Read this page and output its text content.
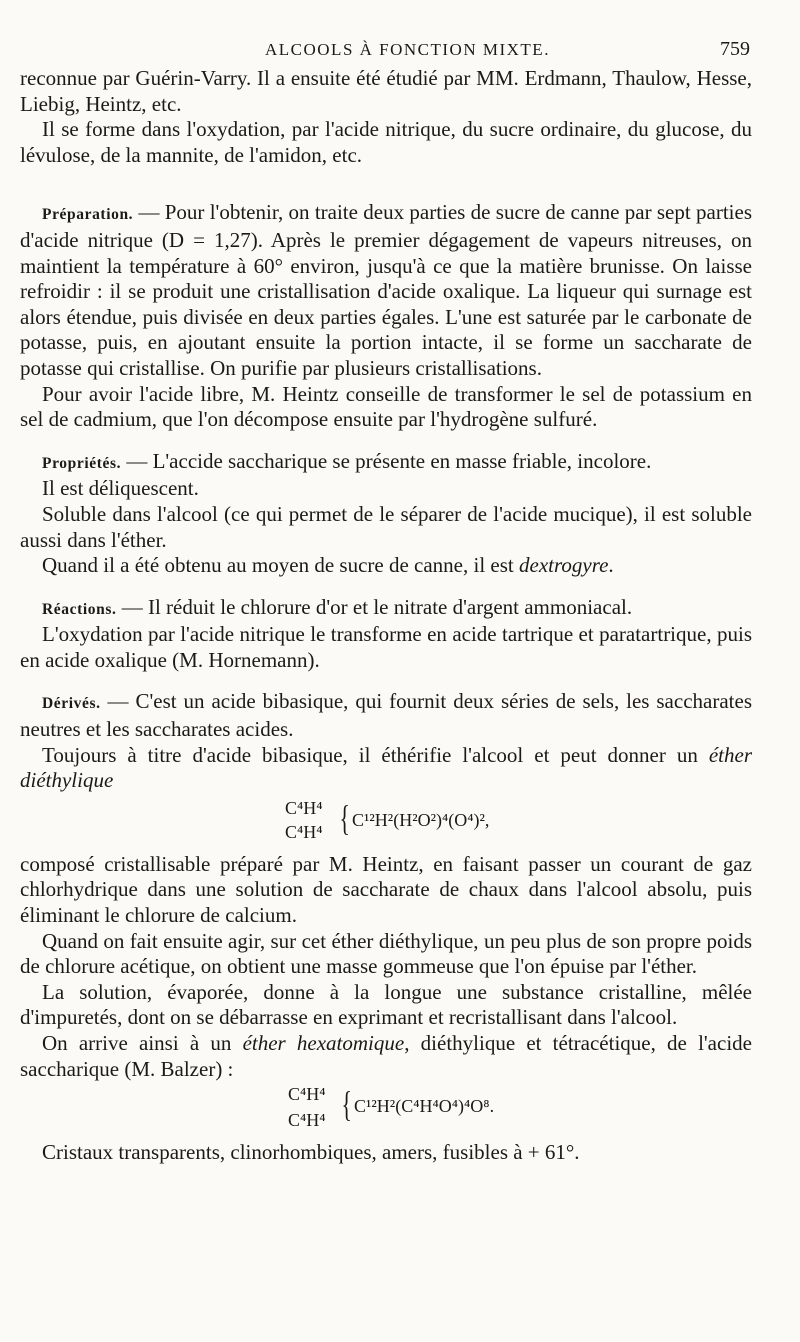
ALCOOLS À FONCTION MIXTE.	759

reconnue par Guérin-Varry. Il a ensuite été étudié par MM. Erdmann, Thaulow, Hesse, Liebig, Heintz, etc.

Il se forme dans l'oxydation, par l'acide nitrique, du sucre ordinaire, du glucose, du lévulose, de la mannite, de l'amidon, etc.

Préparation. — Pour l'obtenir, on traite deux parties de sucre de canne par sept parties d'acide nitrique (D = 1,27). Après le premier dégagement de vapeurs nitreuses, on maintient la température à 60° environ, jusqu'à ce que la matière brunisse. On laisse refroidir : il se produit une cristallisation d'acide oxalique. La liqueur qui surnage est alors étendue, puis divisée en deux parties égales. L'une est saturée par le carbonate de potasse, puis, en ajoutant ensuite la portion intacte, il se forme un saccharate de potasse qui cristallise. On purifie par plusieurs cristallisations.

Pour avoir l'acide libre, M. Heintz conseille de transformer le sel de potassium en sel de cadmium, que l'on décompose ensuite par l'hydrogène sulfuré.

Propriétés. — L'accide saccharique se présente en masse friable, incolore.

Il est déliquescent.

Soluble dans l'alcool (ce qui permet de le séparer de l'acide mucique), il est soluble aussi dans l'éther.

Quand il a été obtenu au moyen de sucre de canne, il est dextrogyre.

Réactions. — Il réduit le chlorure d'or et le nitrate d'argent ammoniacal.

L'oxydation par l'acide nitrique le transforme en acide tartrique et paratartrique, puis en acide oxalique (M. Hornemann).

Dérivés. — C'est un acide bibasique, qui fournit deux séries de sels, les saccharates neutres et les saccharates acides.

Toujours à titre d'acide bibasique, il éthérifie l'alcool et peut donner un éther diéthylique

C⁴H⁴
C⁴H⁴ { C¹²H²(H²O²)⁴(O⁴)²,

composé cristallisable préparé par M. Heintz, en faisant passer un courant de gaz chlorhydrique dans une solution de saccharate de chaux dans l'alcool absolu, puis éliminant le chlorure de calcium.

Quand on fait ensuite agir, sur cet éther diéthylique, un peu plus de son propre poids de chlorure acétique, on obtient une masse gommeuse que l'on épuise par l'éther.

La solution, évaporée, donne à la longue une substance cristalline, mêlée d'impuretés, dont on se débarrasse en exprimant et recristallisant dans l'alcool.

On arrive ainsi à un éther hexatomique, diéthylique et tétracétique, de l'acide saccharique (M. Balzer) :

C⁴H⁴
C⁴H⁴ { C¹²H²(C⁴H⁴O⁴)⁴O⁸.

Cristaux transparents, clinorhombiques, amers, fusibles à + 61°.
